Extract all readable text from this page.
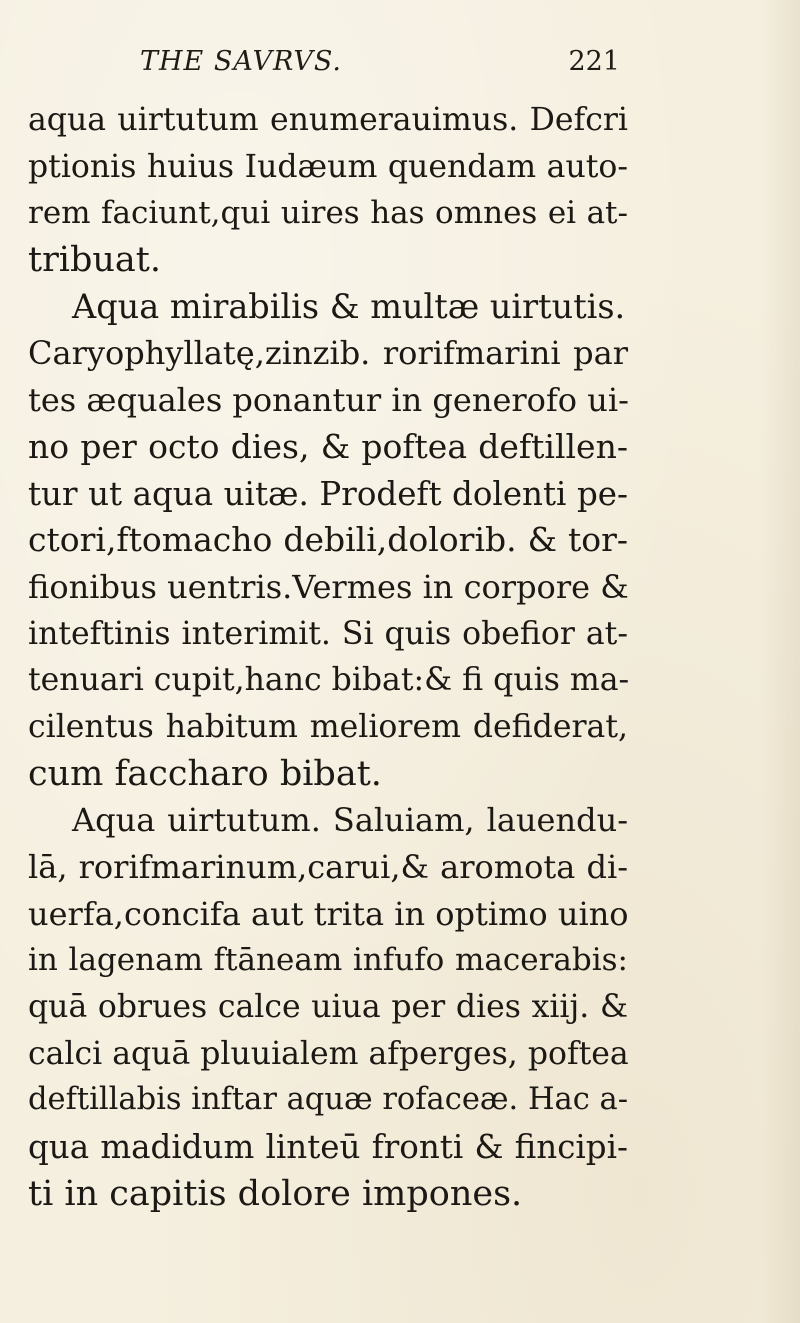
THE SAVRVS.	221
aqua uirtutum enumerauimus. Defcri
ptionis huius Iudæum quendam auto-
rem faciunt,qui uires has omnes ei at-
tribuat.
Aqua mirabilis & multæ uirtutis.
Caryophyllatę,zinzib. rorifmarini par
tes æquales ponantur in generofo ui-
no per octo dies, & poftea deftillen-
tur ut aqua uitæ. Prodeft dolenti pe-
ctori,ftomacho debili,dolorib. & tor-
fionibus uentris.Vermes in corpore &
inteftinis interimit. Si quis obefior at-
tenuari cupit,hanc bibat:& fi quis ma-
cilentus habitum meliorem defiderat,
cum faccharo bibat.
Aqua uirtutum. Saluiam, lauendu-
lā, rorifmarinum,carui,& aromota di-
uerfa,concifa aut trita in optimo uino
in lagenam ftāneam infufo macerabis:
quā obrues calce uiua per dies xiij. &
calci aquā pluuialem afperges, poftea
deftillabis inftar aquæ rofaceæ. Hac a-
qua madidum linteū fronti & fincipi-
ti in capitis dolore impones.
